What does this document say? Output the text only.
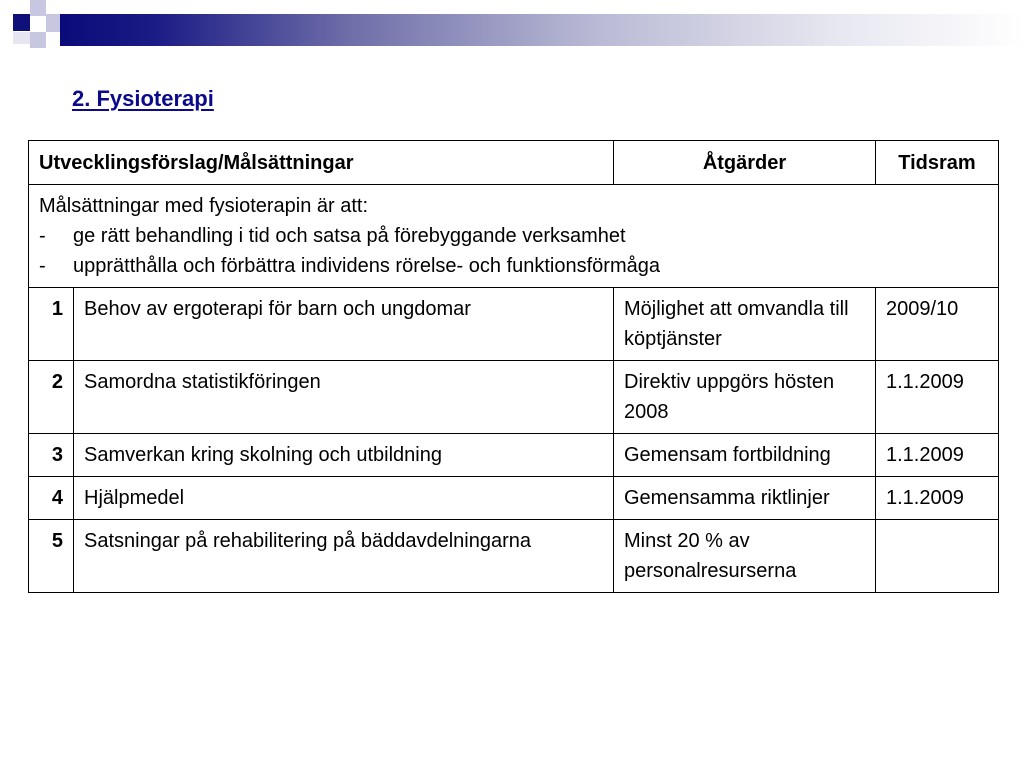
2. Fysioterapi
Utvecklingsförslag/Målsättningar		Åtgärder	Tidsram

Målsättningar med fysioterapin är att:
- ge rätt behandling i tid och satsa på förebyggande verksamhet
- upprätthålla och förbättra individens rörelse- och funktionsförmåga			

1	Behov av ergoterapi för barn och ungdomar	Möjlighet att omvandla till köptjänster	2009/10
2	Samordna statistikföringen	Direktiv uppgörs hösten 2008	1.1.2009
3	Samverkan kring skolning och utbildning	Gemensam fortbildning	1.1.2009
4	Hjälpmedel	Gemensamma riktlinjer	1.1.2009
5	Satsningar på rehabilitering på bäddavdelningarna	Minst 20 % av personalresurserna	
